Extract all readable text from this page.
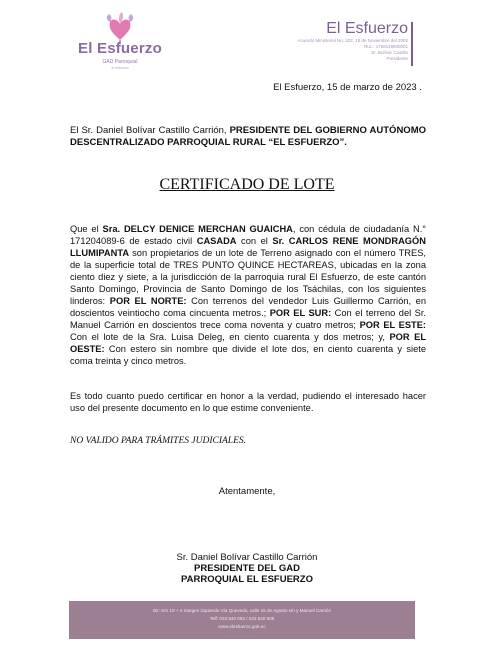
El Esfuerzo
GAD Parroquial
el esfuerzo
El Esfuerzo
Acuerdo Ministerial No. 322, 15 de Noviembre del 2002
Ruc.: 1768119800001
Sr. Bolívar Castillo
Presidente
El Esfuerzo, 15 de marzo de 2023 .
El Sr. Daniel Bolívar Castillo Carrión, PRESIDENTE DEL GOBIERNO AUTÓNOMO DESCENTRALIZADO PARROQUIAL RURAL “EL ESFUERZO”.
CERTIFICADO DE LOTE
Que el Sra. DELCY DENICE MERCHAN GUAICHA, con cédula de ciudadanía N.° 171204089-6 de estado civil CASADA con el Sr. CARLOS RENE MONDRAGÓN LLUMIPANTA son propietarios de un lote de Terreno asignado con el número TRES, de la superficie total de TRES PUNTO QUINCE HECTAREAS, ubicadas en la zona ciento diez y siete, a la jurisdicción de la parroquia rural El Esfuerzo, de este cantón Santo Domingo, Provincia de Santo Domingo de los Tsáchilas, con los siguientes linderos: POR EL NORTE: Con terrenos del vendedor Luis Guillermo Carrión, en doscientos veintiocho coma cincuenta metros.; POR EL SUR: Con el terreno del Sr. Manuel Carrión en doscientos trece coma noventa y cuatro metros; POR EL ESTE: Con el lote de la Sra. Luisa Deleg, en ciento cuarenta y dos metros; y, POR EL OESTE: Con estero sin nombre que divide el lote dos, en ciento cuarenta y siete coma treinta y cinco metros.
Es todo cuanto puedo certificar en honor a la verdad, pudiendo el interesado hacer uso del presente documento en lo que estime conveniente.
NO VALIDO PARA TRÁMITES JUDICIALES.
Atentamente,
Sr. Daniel Bolívar Castillo Carrión
PRESIDENTE DEL GAD
PARROQUIAL EL ESFUERZO
Dir: Km 19 + 4 margen izquierdo Vía Quevedo, calle 15 de Agosto s/n y Manuel Carrión
Telf: 023 840 053 / 023 840 506
www.elesfuerzo.gob.ec
